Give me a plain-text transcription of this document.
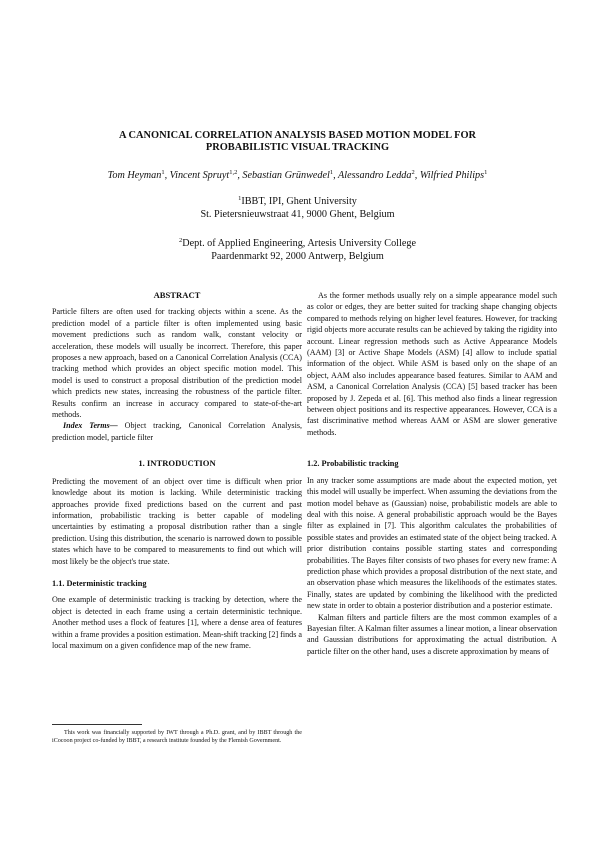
A CANONICAL CORRELATION ANALYSIS BASED MOTION MODEL FOR
PROBABILISTIC VISUAL TRACKING
Tom Heyman$^1$, Vincent Spruyt$^{1,2}$, Sebastian Grünwedel$^1$, Alessandro Ledda$^2$, Wilfried Philips$^1$
$^1$IBBT, IPI, Ghent University
St. Pietersnieuwstraat 41, 9000 Ghent, Belgium
$^2$Dept. of Applied Engineering, Artesis University College
Paardenmarkt 92, 2000 Antwerp, Belgium
ABSTRACT

Particle filters are often used for tracking objects within a scene. As the prediction model of a particle filter is often implemented using basic movement predictions such as random walk, constant velocity or acceleration, these models will usually be incorrect. Therefore, this paper proposes a new approach, based on a Canonical Correlation Analysis (CCA) tracking method which provides an object specific motion model. This model is used to construct a proposal distribution of the prediction model which predicts new states, increasing the robustness of the particle filter. Results confirm an increase in accuracy compared to state-of-the-art methods.

Index Terms— Object tracking, Canonical Correlation Analysis, prediction model, particle filter

1. INTRODUCTION

Predicting the movement of an object over time is difficult when prior knowledge about its motion is lacking. While deterministic tracking approaches provide fixed predictions based on the current and past information, probabilistic tracking is better capable of modeling uncertainties by estimating a proposal distribution rather than a single prediction. Using this distribution, the scenario is narrowed down to possible states which have to be compared to measurements to find out which will most likely be the object's true state.

1.1. Deterministic tracking

One example of deterministic tracking is tracking by detection, where the object is detected in each frame using a certain deterministic technique. Another method uses a flock of features [1], where a dense area of features within a frame provides a position estimation. Mean-shift tracking [2] finds a local maximum on a given confidence map of the new frame.

This work was financially supported by IWT through a Ph.D. grant, and by IBBT through the iCocoon project co-funded by IBBT, a research institute founded by the Flemish Government.

As the former methods usually rely on a simple appearance model such as color or edges, they are better suited for tracking shape changing objects compared to methods relying on higher level features. However, for tracking rigid objects more accurate results can be achieved by taking the rigidity into account. Linear regression methods such as Active Appearance Models (AAM) [3] or Active Shape Models (ASM) [4] allow to include spatial information of the object. While ASM is based only on the shape of an object, AAM also includes appearance based features. Similar to AAM and ASM, a Canonical Correlation Analysis (CCA) [5] based tracker has been proposed by J. Zepeda et al. [6]. This method also finds a linear regression between object positions and its respective appearances. However, CCA is a fast discriminative method whereas AAM or ASM are slower generative methods.

1.2. Probabilistic tracking

In any tracker some assumptions are made about the expected motion, yet this model will usually be imperfect. When assuming the deviations from the motion model behave as (Gaussian) noise, probabilistic models are able to deal with this noise. A general probabilistic approach would be the Bayes filter as explained in [7]. This algorithm calculates the probabilities of possible states and provides an estimated state of the object being tracked. A prior distribution contains possible starting states and corresponding probabilities. The Bayes filter consists of two phases for every new frame: A prediction phase which provides a proposal distribution of the next state, and an observation phase which measures the likelihoods of the estimates states. Finally, states are updated by combining the likelihood with the predicted new state in order to obtain a posterior distribution and a posterior estimate.

Kalman filters and particle filters are the most common examples of a Bayesian filter. A Kalman filter assumes a linear motion, a linear observation and Gaussian distributions for approximating the actual distribution. A particle filter on the other hand, uses a discrete approximation by means of
